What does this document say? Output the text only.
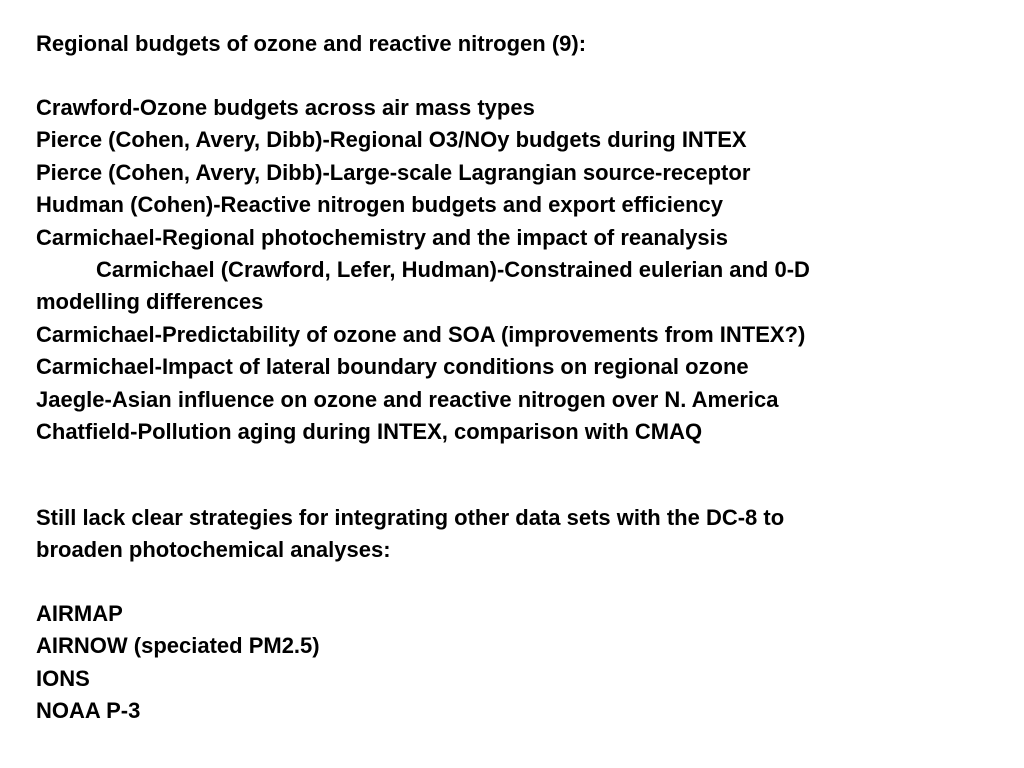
Regional budgets of ozone and reactive nitrogen (9):
Crawford-Ozone budgets across air mass types
Pierce (Cohen, Avery, Dibb)-Regional O3/NOy budgets during INTEX
Pierce (Cohen, Avery, Dibb)-Large-scale Lagrangian source-receptor
Hudman (Cohen)-Reactive nitrogen budgets and export efficiency
Carmichael-Regional photochemistry and the impact of reanalysis
Carmichael (Crawford, Lefer, Hudman)-Constrained eulerian and 0-D
modelling differences
Carmichael-Predictability of ozone and SOA (improvements from INTEX?)
Carmichael-Impact of lateral boundary conditions on regional ozone
Jaegle-Asian influence on ozone and reactive nitrogen over N. America
Chatfield-Pollution aging during INTEX, comparison with CMAQ
Still lack clear strategies for integrating other data sets with the DC-8 to
broaden photochemical analyses:
AIRMAP
AIRNOW (speciated PM2.5)
IONS
NOAA P-3
